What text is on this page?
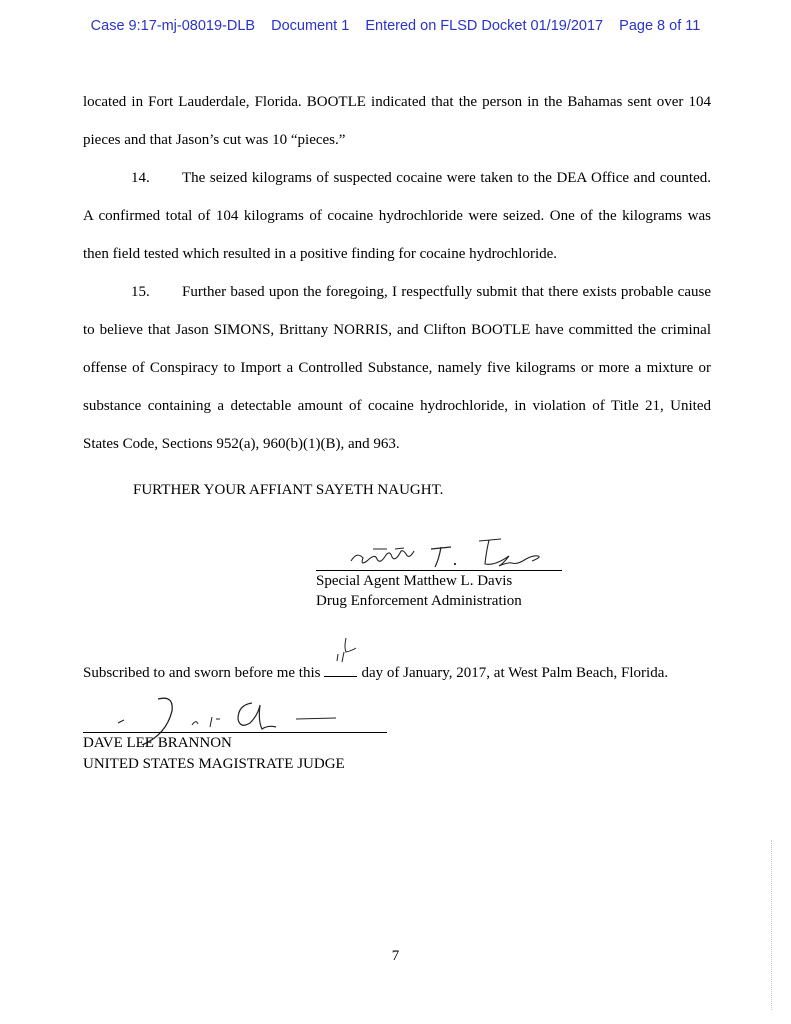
Case 9:17-mj-08019-DLB Document 1 Entered on FLSD Docket 01/19/2017 Page 8 of 11

located in Fort Lauderdale, Florida. BOOTLE indicated that the person in the Bahamas sent over 104 pieces and that Jason’s cut was 10 “pieces.”

14. The seized kilograms of suspected cocaine were taken to the DEA Office and counted. A confirmed total of 104 kilograms of cocaine hydrochloride were seized. One of the kilograms was then field tested which resulted in a positive finding for cocaine hydrochloride.

15. Further based upon the foregoing, I respectfully submit that there exists probable cause to believe that Jason SIMONS, Brittany NORRIS, and Clifton BOOTLE have committed the criminal offense of Conspiracy to Import a Controlled Substance, namely five kilograms or more a mixture or substance containing a detectable amount of cocaine hydrochloride, in violation of Title 21, United States Code, Sections 952(a), 960(b)(1)(B), and 963.

FURTHER YOUR AFFIANT SAYETH NAUGHT.
Special Agent Matthew L. Davis
Drug Enforcement Administration
Subscribed to and sworn before me this	day of January, 2017, at West Palm Beach, Florida.
DAVE LEE BRANNON
UNITED STATES MAGISTRATE JUDGE
7
